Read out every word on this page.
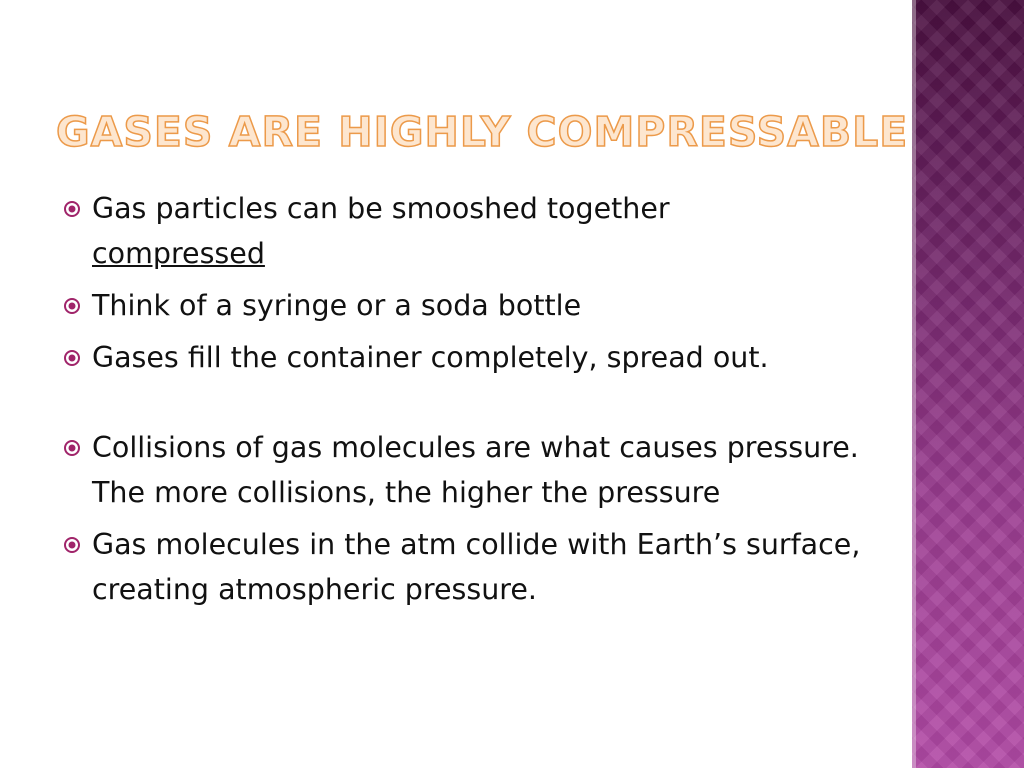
GASES ARE HIGHLY COMPRESSABLE
Gas particles can be smooshed together
compressed
Think of a syringe or a soda bottle
Gases fill the container completely, spread out.
Collisions of gas molecules are what causes pressure. The more collisions, the higher the pressure
Gas molecules in the atm collide with Earth’s surface, creating atmospheric pressure.
